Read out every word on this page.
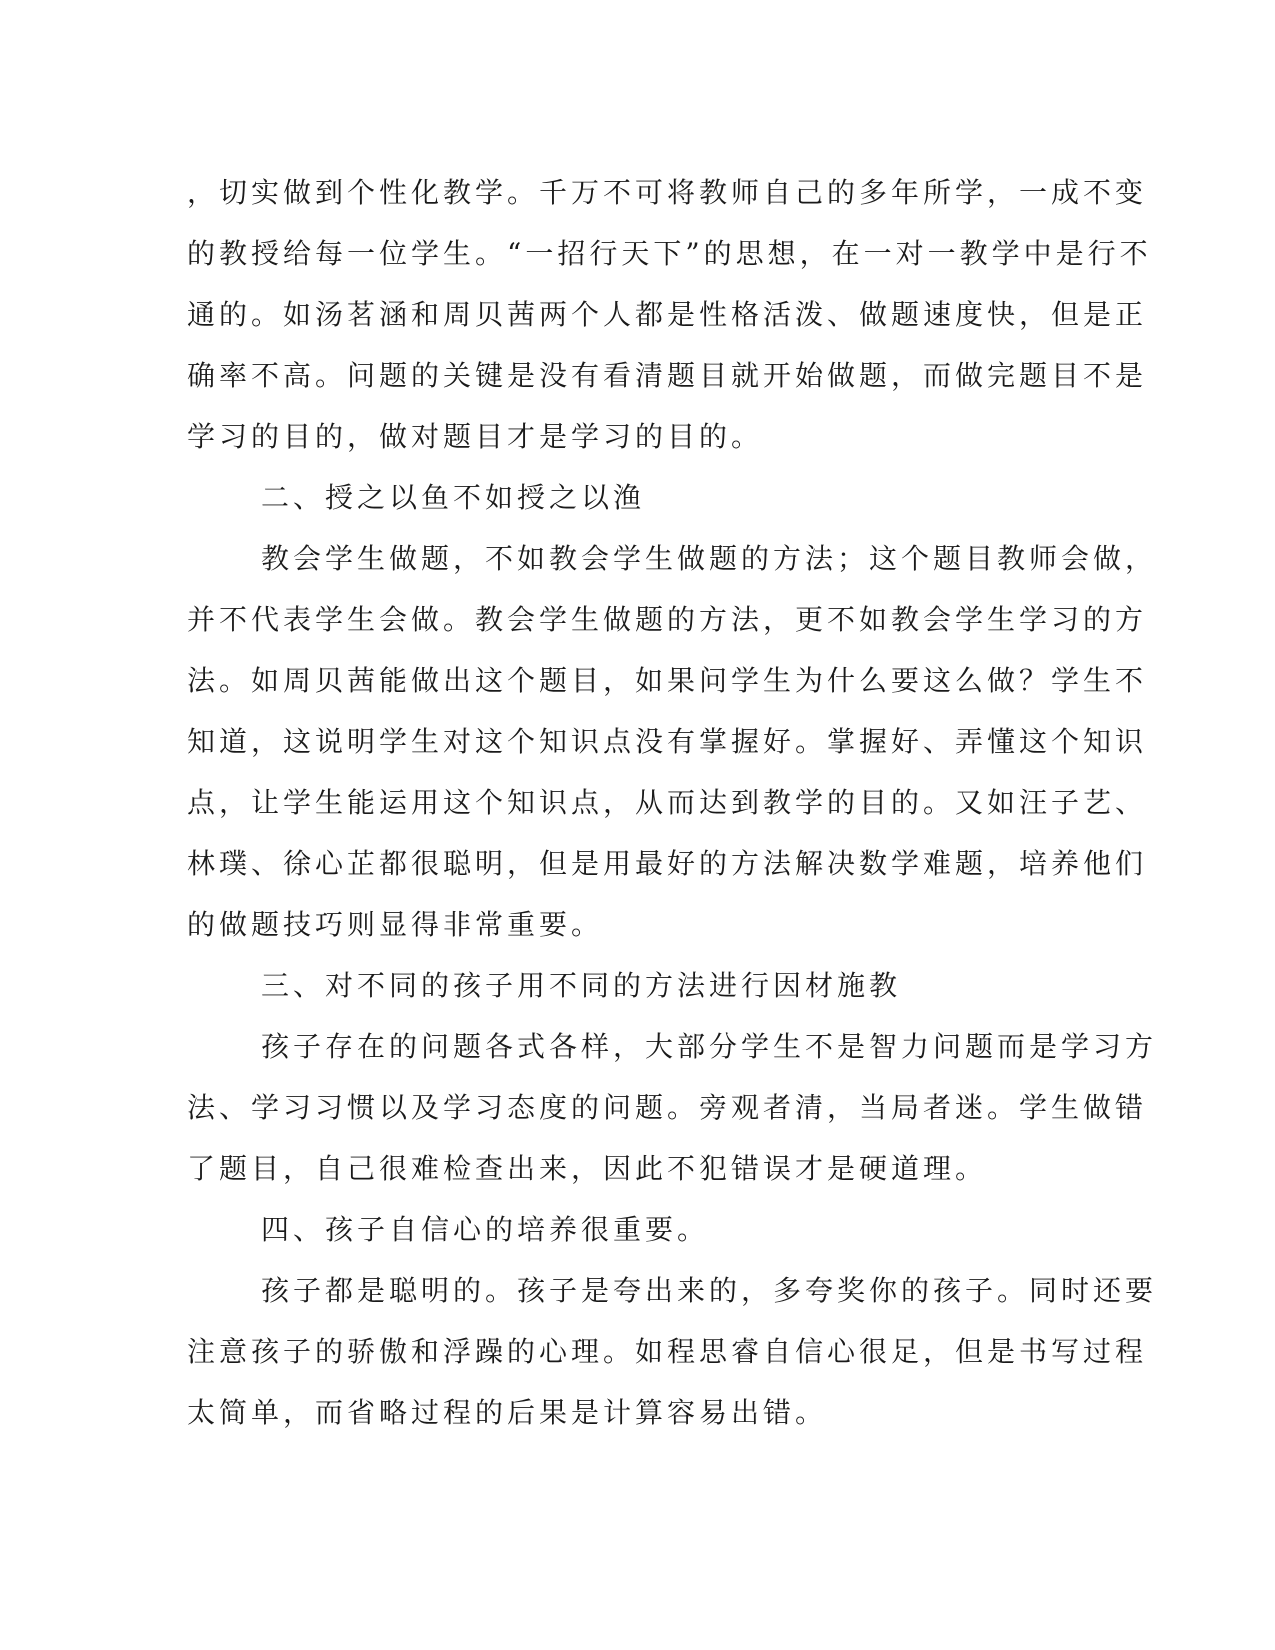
，切实做到个性化教学。千万不可将教师自己的多年所学，一成不变
的教授给每一位学生。“一招行天下”的思想，在一对一教学中是行不
通的。如汤茗涵和周贝茜两个人都是性格活泼、做题速度快，但是正
确率不高。问题的关键是没有看清题目就开始做题，而做完题目不是
学习的目的，做对题目才是学习的目的。
二、授之以鱼不如授之以渔
教会学生做题，不如教会学生做题的方法；这个题目教师会做，
并不代表学生会做。教会学生做题的方法，更不如教会学生学习的方
法。如周贝茜能做出这个题目，如果问学生为什么要这么做？学生不
知道，这说明学生对这个知识点没有掌握好。掌握好、弄懂这个知识
点，让学生能运用这个知识点，从而达到教学的目的。又如汪子艺、
林璞、徐心芷都很聪明，但是用最好的方法解决数学难题，培养他们
的做题技巧则显得非常重要。
三、对不同的孩子用不同的方法进行因材施教
孩子存在的问题各式各样，大部分学生不是智力问题而是学习方
法、学习习惯以及学习态度的问题。旁观者清，当局者迷。学生做错
了题目，自己很难检查出来，因此不犯错误才是硬道理。
四、孩子自信心的培养很重要。
孩子都是聪明的。孩子是夸出来的，多夸奖你的孩子。同时还要
注意孩子的骄傲和浮躁的心理。如程思睿自信心很足，但是书写过程
太简单，而省略过程的后果是计算容易出错。
